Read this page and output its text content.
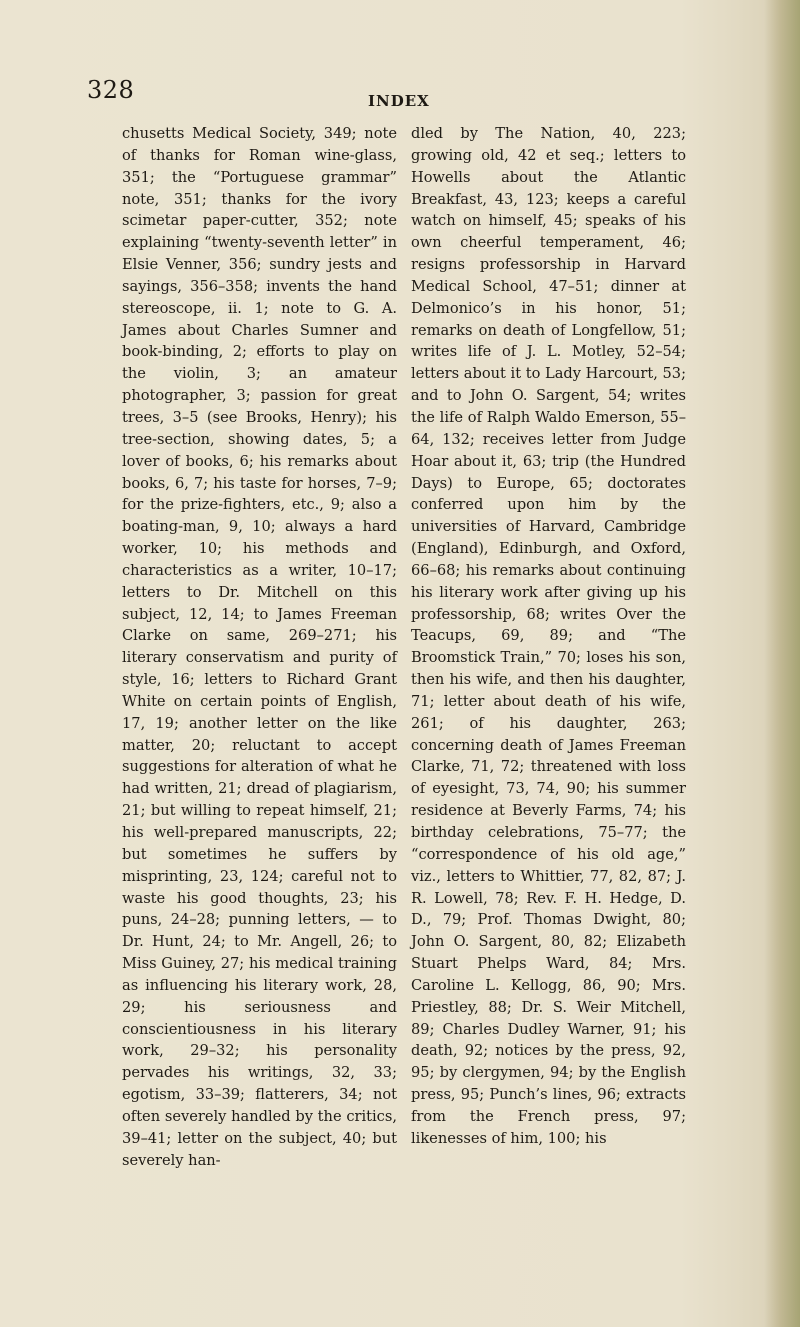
328	INDEX

chusetts Medical Society, 349; note of thanks for Roman wine-glass, 351; the “Portuguese grammar” note, 351; thanks for the ivory scimetar paper-cutter, 352; note explaining “twenty-seventh letter” in Elsie Venner, 356; sundry jests and sayings, 356–358; invents the hand stereoscope, ii. 1; note to G. A. James about Charles Sumner and book-binding, 2; efforts to play on the violin, 3; an amateur photographer, 3; passion for great trees, 3–5 (see Brooks, Henry); his tree-section, showing dates, 5; a lover of books, 6; his remarks about books, 6, 7; his taste for horses, 7–9; for the prize-fighters, etc., 9; also a boating-man, 9, 10; always a hard worker, 10; his methods and characteristics as a writer, 10–17; letters to Dr. Mitchell on this subject, 12, 14; to James Freeman Clarke on same, 269–271; his literary conservatism and purity of style, 16; letters to Richard Grant White on certain points of English, 17, 19; another letter on the like matter, 20; reluctant to accept suggestions for alteration of what he had written, 21; dread of plagiarism, 21; but willing to repeat himself, 21; his well-prepared manuscripts, 22; but sometimes he suffers by misprinting, 23, 124; careful not to waste his good thoughts, 23; his puns, 24–28; punning letters, — to Dr. Hunt, 24; to Mr. Angell, 26; to Miss Guiney, 27; his medical training as influencing his literary work, 28, 29; his seriousness and conscientiousness in his literary work, 29–32; his personality pervades his writings, 32, 33; egotism, 33–39; flatterers, 34; not often severely handled by the critics, 39–41; letter on the subject, 40; but severely han-

dled by The Nation, 40, 223; growing old, 42 et seq.; letters to Howells about the Atlantic Breakfast, 43, 123; keeps a careful watch on himself, 45; speaks of his own cheerful temperament, 46; resigns professorship in Harvard Medical School, 47–51; dinner at Delmonico’s in his honor, 51; remarks on death of Longfellow, 51; writes life of J. L. Motley, 52–54; letters about it to Lady Harcourt, 53; and to John O. Sargent, 54; writes the life of Ralph Waldo Emerson, 55–64, 132; receives letter from Judge Hoar about it, 63; trip (the Hundred Days) to Europe, 65; doctorates conferred upon him by the universities of Harvard, Cambridge (England), Edinburgh, and Oxford, 66–68; his remarks about continuing his literary work after giving up his professorship, 68; writes Over the Teacups, 69, 89; and “The Broomstick Train,” 70; loses his son, then his wife, and then his daughter, 71; letter about death of his wife, 261; of his daughter, 263; concerning death of James Freeman Clarke, 71, 72; threatened with loss of eyesight, 73, 74, 90; his summer residence at Beverly Farms, 74; his birthday celebrations, 75–77; the “correspondence of his old age,” viz., letters to Whittier, 77, 82, 87; J. R. Lowell, 78; Rev. F. H. Hedge, D. D., 79; Prof. Thomas Dwight, 80; John O. Sargent, 80, 82; Elizabeth Stuart Phelps Ward, 84; Mrs. Caroline L. Kellogg, 86, 90; Mrs. Priestley, 88; Dr. S. Weir Mitchell, 89; Charles Dudley Warner, 91; his death, 92; notices by the press, 92, 95; by clergymen, 94; by the English press, 95; Punch’s lines, 96; extracts from the French press, 97; likenesses of him, 100; his
